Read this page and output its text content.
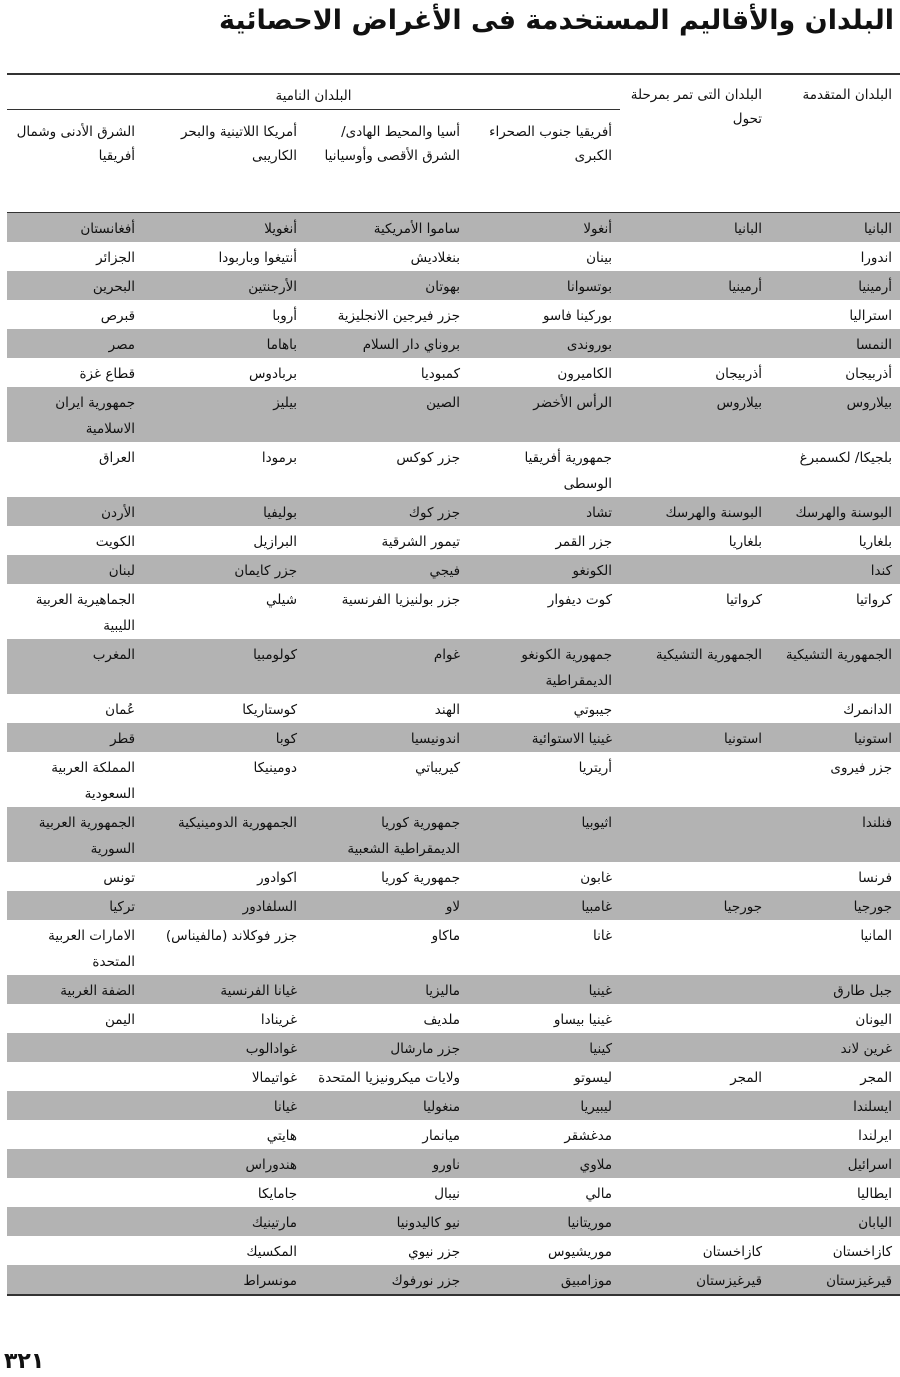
البلدان والأقاليم المستخدمة فى الأغراض الاحصائية
البلدان المتقدمة	البلدان التى تمر بمرحلة تحول	البلدان النامية			
		أفريقيا جنوب الصحراء الكبرى	أسيا والمحيط الهادى/ الشرق الأقصى وأوسيانيا	أمريكا اللاتينية والبحر الكاريبى	الشرق الأدنى وشمال أفريقيا
البانيا	البانيا	أنغولا	ساموا الأمريكية	أنغويلا	أفغانستان
اندورا		بينان	بنغلاديش	أنتيغوا وباربودا	الجزائر
أرمينيا	أرمينيا	بوتسوانا	بهوتان	الأرجنتين	البحرين
استراليا		بوركينا فاسو	جزر فيرجين الانجليزية	أروبا	قبرص
النمسا		بوروندى	بروناي دار السلام	باهاما	مصر
أذربيجان	أذربيجان	الكاميرون	كمبوديا	بربادوس	قطاع غزة
بيلاروس	بيلاروس	الرأس الأخضر	الصين	بيليز	جمهورية ايران الاسلامية
بلجيكا/ لكسمبرغ		جمهورية أفريقيا الوسطى	جزر كوكس	برمودا	العراق
البوسنة والهرسك	البوسنة والهرسك	تشاد	جزر كوك	بوليفيا	الأردن
بلغاريا	بلغاريا	جزر القمر	تيمور الشرقية	البرازيل	الكويت
كندا		الكونغو	فيجي	جزر كايمان	لبنان
كرواتيا	كرواتيا	كوت ديفوار	جزر بولنيزيا الفرنسية	شيلي	الجماهيرية العربية الليبية
الجمهورية التشيكية	الجمهورية التشيكية	جمهورية الكونغو الديمقراطية	غوام	كولومبيا	المغرب
الدانمرك		جيبوتي	الهند	كوستاريكا	عُمان
استونيا	استونيا	غينيا الاستوائية	اندونيسيا	كوبا	قطر
جزر فيروى		أريتريا	كيريباتي	دومينيكا	المملكة العربية السعودية
فنلندا		اثيوبيا	جمهورية كوريا الديمقراطية الشعبية	الجمهورية الدومينيكية	الجمهورية العربية السورية
فرنسا		غابون	جمهورية كوريا	اكوادور	تونس
جورجيا	جورجيا	غامبيا	لاو	السلفادور	تركيا
المانيا		غانا	ماكاو	جزر فوكلاند (مالفيناس)	الامارات العربية المتحدة
جبل طارق		غينيا	ماليزيا	غيانا الفرنسية	الضفة الغربية
اليونان		غينيا بيساو	ملديف	غرينادا	اليمن
غرين لاند		كينيا	جزر مارشال	غوادالوب	
المجر	المجر	ليسوتو	ولايات ميكرونيزيا المتحدة	غواتيمالا	
ايسلندا		ليبيريا	منغوليا	غيانا	
ايرلندا		مدغشقر	ميانمار	هايتي	
اسرائيل		ملاوي	ناورو	هندوراس	
ايطاليا		مالي	نيبال	جامايكا	
اليابان		موريتانيا	نيو كاليدونيا	مارتينيك	
كازاخستان	كازاخستان	موريشيوس	جزر نيوي	المكسيك	
قيرغيزستان	قيرغيزستان	موزامبيق	جزر نورفوك	مونسراط	
٣٢١
